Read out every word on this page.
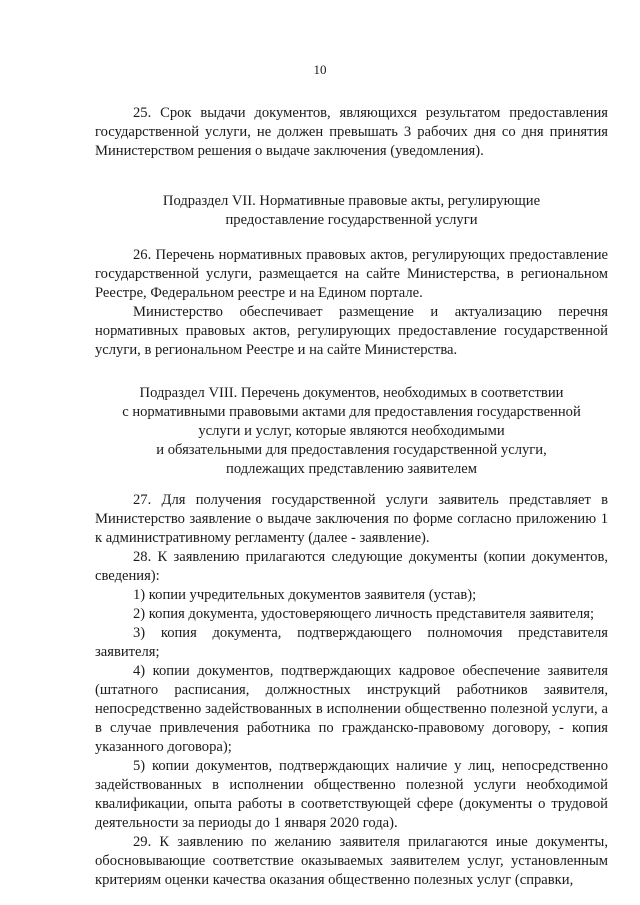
10

25. Срок выдачи документов, являющихся результатом предоставления государственной услуги, не должен превышать 3 рабочих дня со дня принятия Министерством решения о выдаче заключения (уведомления).

Подраздел VII. Нормативные правовые акты, регулирующие

предоставление государственной услуги

26. Перечень нормативных правовых актов, регулирующих предоставление государственной услуги, размещается на сайте Министерства, в региональном Реестре, Федеральном реестре и на Едином портале.

Министерство обеспечивает размещение и актуализацию перечня нормативных правовых актов, регулирующих предоставление государственной услуги, в региональном Реестре и на сайте Министерства.

Подраздел VIII. Перечень документов, необходимых в соответствии

с нормативными правовыми актами для предоставления государственной

услуги и услуг, которые являются необходимыми

и обязательными для предоставления государственной услуги,

подлежащих представлению заявителем

27. Для получения государственной услуги заявитель представляет в Министерство заявление о выдаче заключения по форме согласно приложению 1 к административному регламенту (далее - заявление).

28. К заявлению прилагаются следующие документы (копии документов, сведения):

1) копии учредительных документов заявителя (устав);

2) копия документа, удостоверяющего личность представителя заявителя;

3) копия документа, подтверждающего полномочия представителя заявителя;

4) копии документов, подтверждающих кадровое обеспечение заявителя (штатного расписания, должностных инструкций работников заявителя, непосредственно задействованных в исполнении общественно полезной услуги, а в случае привлечения работника по гражданско-правовому договору, - копия указанного договора);

5) копии документов, подтверждающих наличие у лиц, непосредственно задействованных в исполнении общественно полезной услуги необходимой квалификации, опыта работы в соответствующей сфере (документы о трудовой деятельности за периоды до 1 января 2020 года).

29. К заявлению по желанию заявителя прилагаются иные документы, обосновывающие соответствие оказываемых заявителем услуг, установленным критериям оценки качества оказания общественно полезных услуг (справки,
